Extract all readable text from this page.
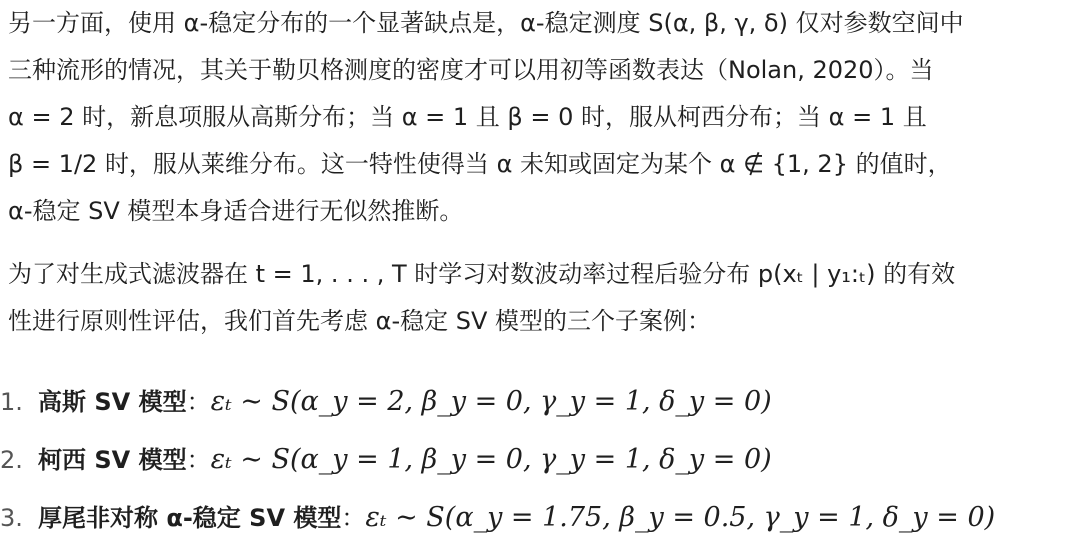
另一方面，使用 α-稳定分布的一个显著缺点是，α-稳定测度 S(α, β, γ, δ) 仅对参数空间中
三种流形的情况，其关于勒贝格测度的密度才可以用初等函数表达（Nolan, 2020）。当
α = 2 时，新息项服从高斯分布；当 α = 1 且 β = 0 时，服从柯西分布；当 α = 1 且
β = 1/2 时，服从莱维分布。这一特性使得当 α 未知或固定为某个 α ∉ {1, 2} 的值时，
α-稳定 SV 模型本身适合进行无似然推断。
为了对生成式滤波器在 t = 1, . . . , T 时学习对数波动率过程后验分布 p(xₜ | y₁:ₜ) 的有效
性进行原则性评估，我们首先考虑 α-稳定 SV 模型的三个子案例：
1. 高斯 SV 模型：εₜ ∼ S(α_y = 2, β_y = 0, γ_y = 1, δ_y = 0)
2. 柯西 SV 模型：εₜ ∼ S(α_y = 1, β_y = 0, γ_y = 1, δ_y = 0)
3. 厚尾非对称 α-稳定 SV 模型：εₜ ∼ S(α_y = 1.75, β_y = 0.5, γ_y = 1, δ_y = 0)
